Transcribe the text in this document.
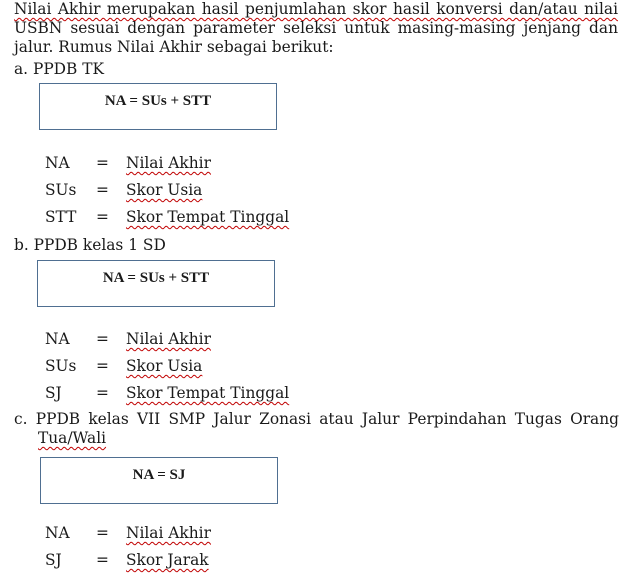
Nilai Akhir merupakan hasil penjumlahan skor hasil konversi dan/atau nilai
USBN sesuai dengan parameter seleksi untuk masing-masing jenjang dan
jalur. Rumus Nilai Akhir sebagai berikut:
a. PPDB TK
NA = SUs + STT
NA = Nilai Akhir
SUs = Skor Usia
STT = Skor Tempat Tinggal
b. PPDB kelas 1 SD
NA = SUs + STT
NA = Nilai Akhir
SUs = Skor Usia
SJ = Skor Tempat Tinggal
c. PPDB kelas VII SMP Jalur Zonasi atau Jalur Perpindahan Tugas Orang
Tua/Wali
NA = SJ
NA = Nilai Akhir
SJ = Skor Jarak
